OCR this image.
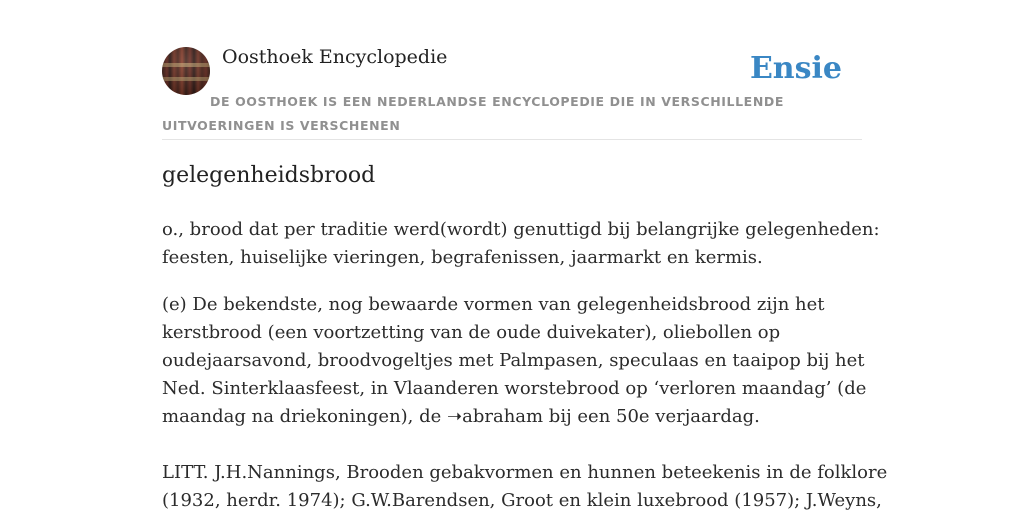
Oosthoek Encyclopedie	Ensie
DE OOSTHOEK IS EEN NEDERLANDSE ENCYCLOPEDIE DIE IN VERSCHILLENDE UITVOERINGEN IS VERSCHENEN
gelegenheidsbrood

o., brood dat per traditie werd(wordt) genuttigd bij belangrijke gelegenheden:
feesten, huiselijke vieringen, begrafenissen, jaarmarkt en kermis.

(e) De bekendste, nog bewaarde vormen van gelegenheidsbrood zijn het
kerstbrood (een voortzetting van de oude duivekater), oliebollen op
oudejaarsavond, broodvogeltjes met Palmpasen, speculaas en taaipop bij het
Ned. Sinterklaasfeest, in Vlaanderen worstebrood op ‘verloren maandag’ (de
maandag na driekoningen), de ➝abraham bij een 50e verjaardag.

LITT. J.H.Nannings, Brooden gebakvormen en hunnen beteekenis in de folklore
(1932, herdr. 1974); G.W.Barendsen, Groot en klein luxebrood (1957); J.Weyns,
